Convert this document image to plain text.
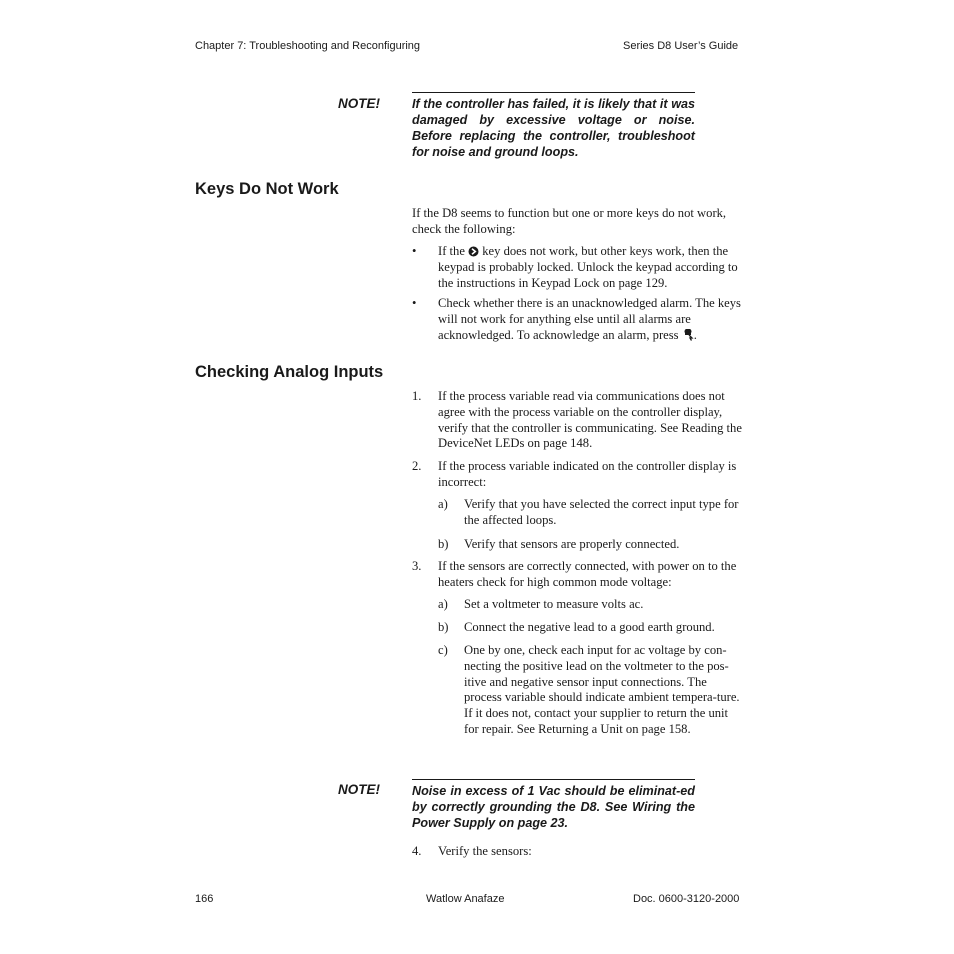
Chapter 7: Troubleshooting and Reconfiguring	Series D8 User’s Guide
NOTE!	If the controller has failed, it is likely that it was damaged by excessive voltage or noise. Before replacing the controller, troubleshoot for noise and ground loops.
Keys Do Not Work
If the D8 seems to function but one or more keys do not work, check the following:
• If the key does not work, but other keys work, then the keypad is probably locked. Unlock the keypad according to the instructions in Keypad Lock on page 129.
• Check whether there is an unacknowledged alarm. The keys will not work for anything else until all alarms are acknowledged. To acknowledge an alarm, press .
Checking Analog Inputs
1. If the process variable read via communications does not agree with the process variable on the controller display, verify that the controller is communicating. See Reading the DeviceNet LEDs on page 148.
2. If the process variable indicated on the controller display is incorrect:
a) Verify that you have selected the correct input type for the affected loops.
b) Verify that sensors are properly connected.
3. If the sensors are correctly connected, with power on to the heaters check for high common mode voltage:
a) Set a voltmeter to measure volts ac.
b) Connect the negative lead to a good earth ground.
c) One by one, check each input for ac voltage by con-necting the positive lead on the voltmeter to the pos-itive and negative sensor input connections. The process variable should indicate ambient tempera-ture. If it does not, contact your supplier to return the unit for repair. See Returning a Unit on page 158.
NOTE!	Noise in excess of 1 Vac should be eliminat-ed by correctly grounding the D8. See Wiring the Power Supply on page 23.
4. Verify the sensors:
166	Watlow Anafaze	Doc. 0600-3120-2000
